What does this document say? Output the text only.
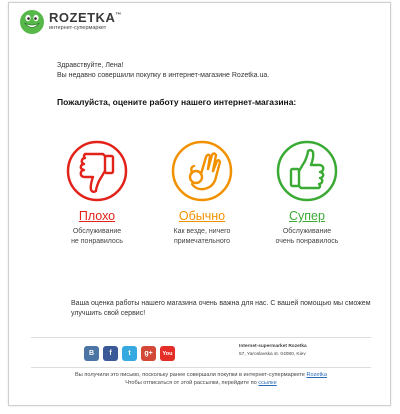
ROZETKA™
интернет-супермаркет
Здравствуйте, Лена!
Вы недавно совершили покупку в интернет-магазине Rozetka.ua.
Пожалуйста, оцените работу нашего интернет-магазина:
Плохо
Обслуживание
не понравилось
Обычно
Как везде, ничего
примечательного
Супер
Обслуживание
очень понравилось
Ваша оценка работы нашего магазина очень важна для нас. С вашей помощью мы сможем улучшить свой сервис!
В	f	t	g+	You
Internet-supermarket Rozetka
57, Yaroslavska st. 04080, Kiev
Вы получили это письмо, поскольку ранее совершали покупки в интернет-супермаркете Rozetka
Чтобы отписаться от этой рассылки, перейдите по ссылке
